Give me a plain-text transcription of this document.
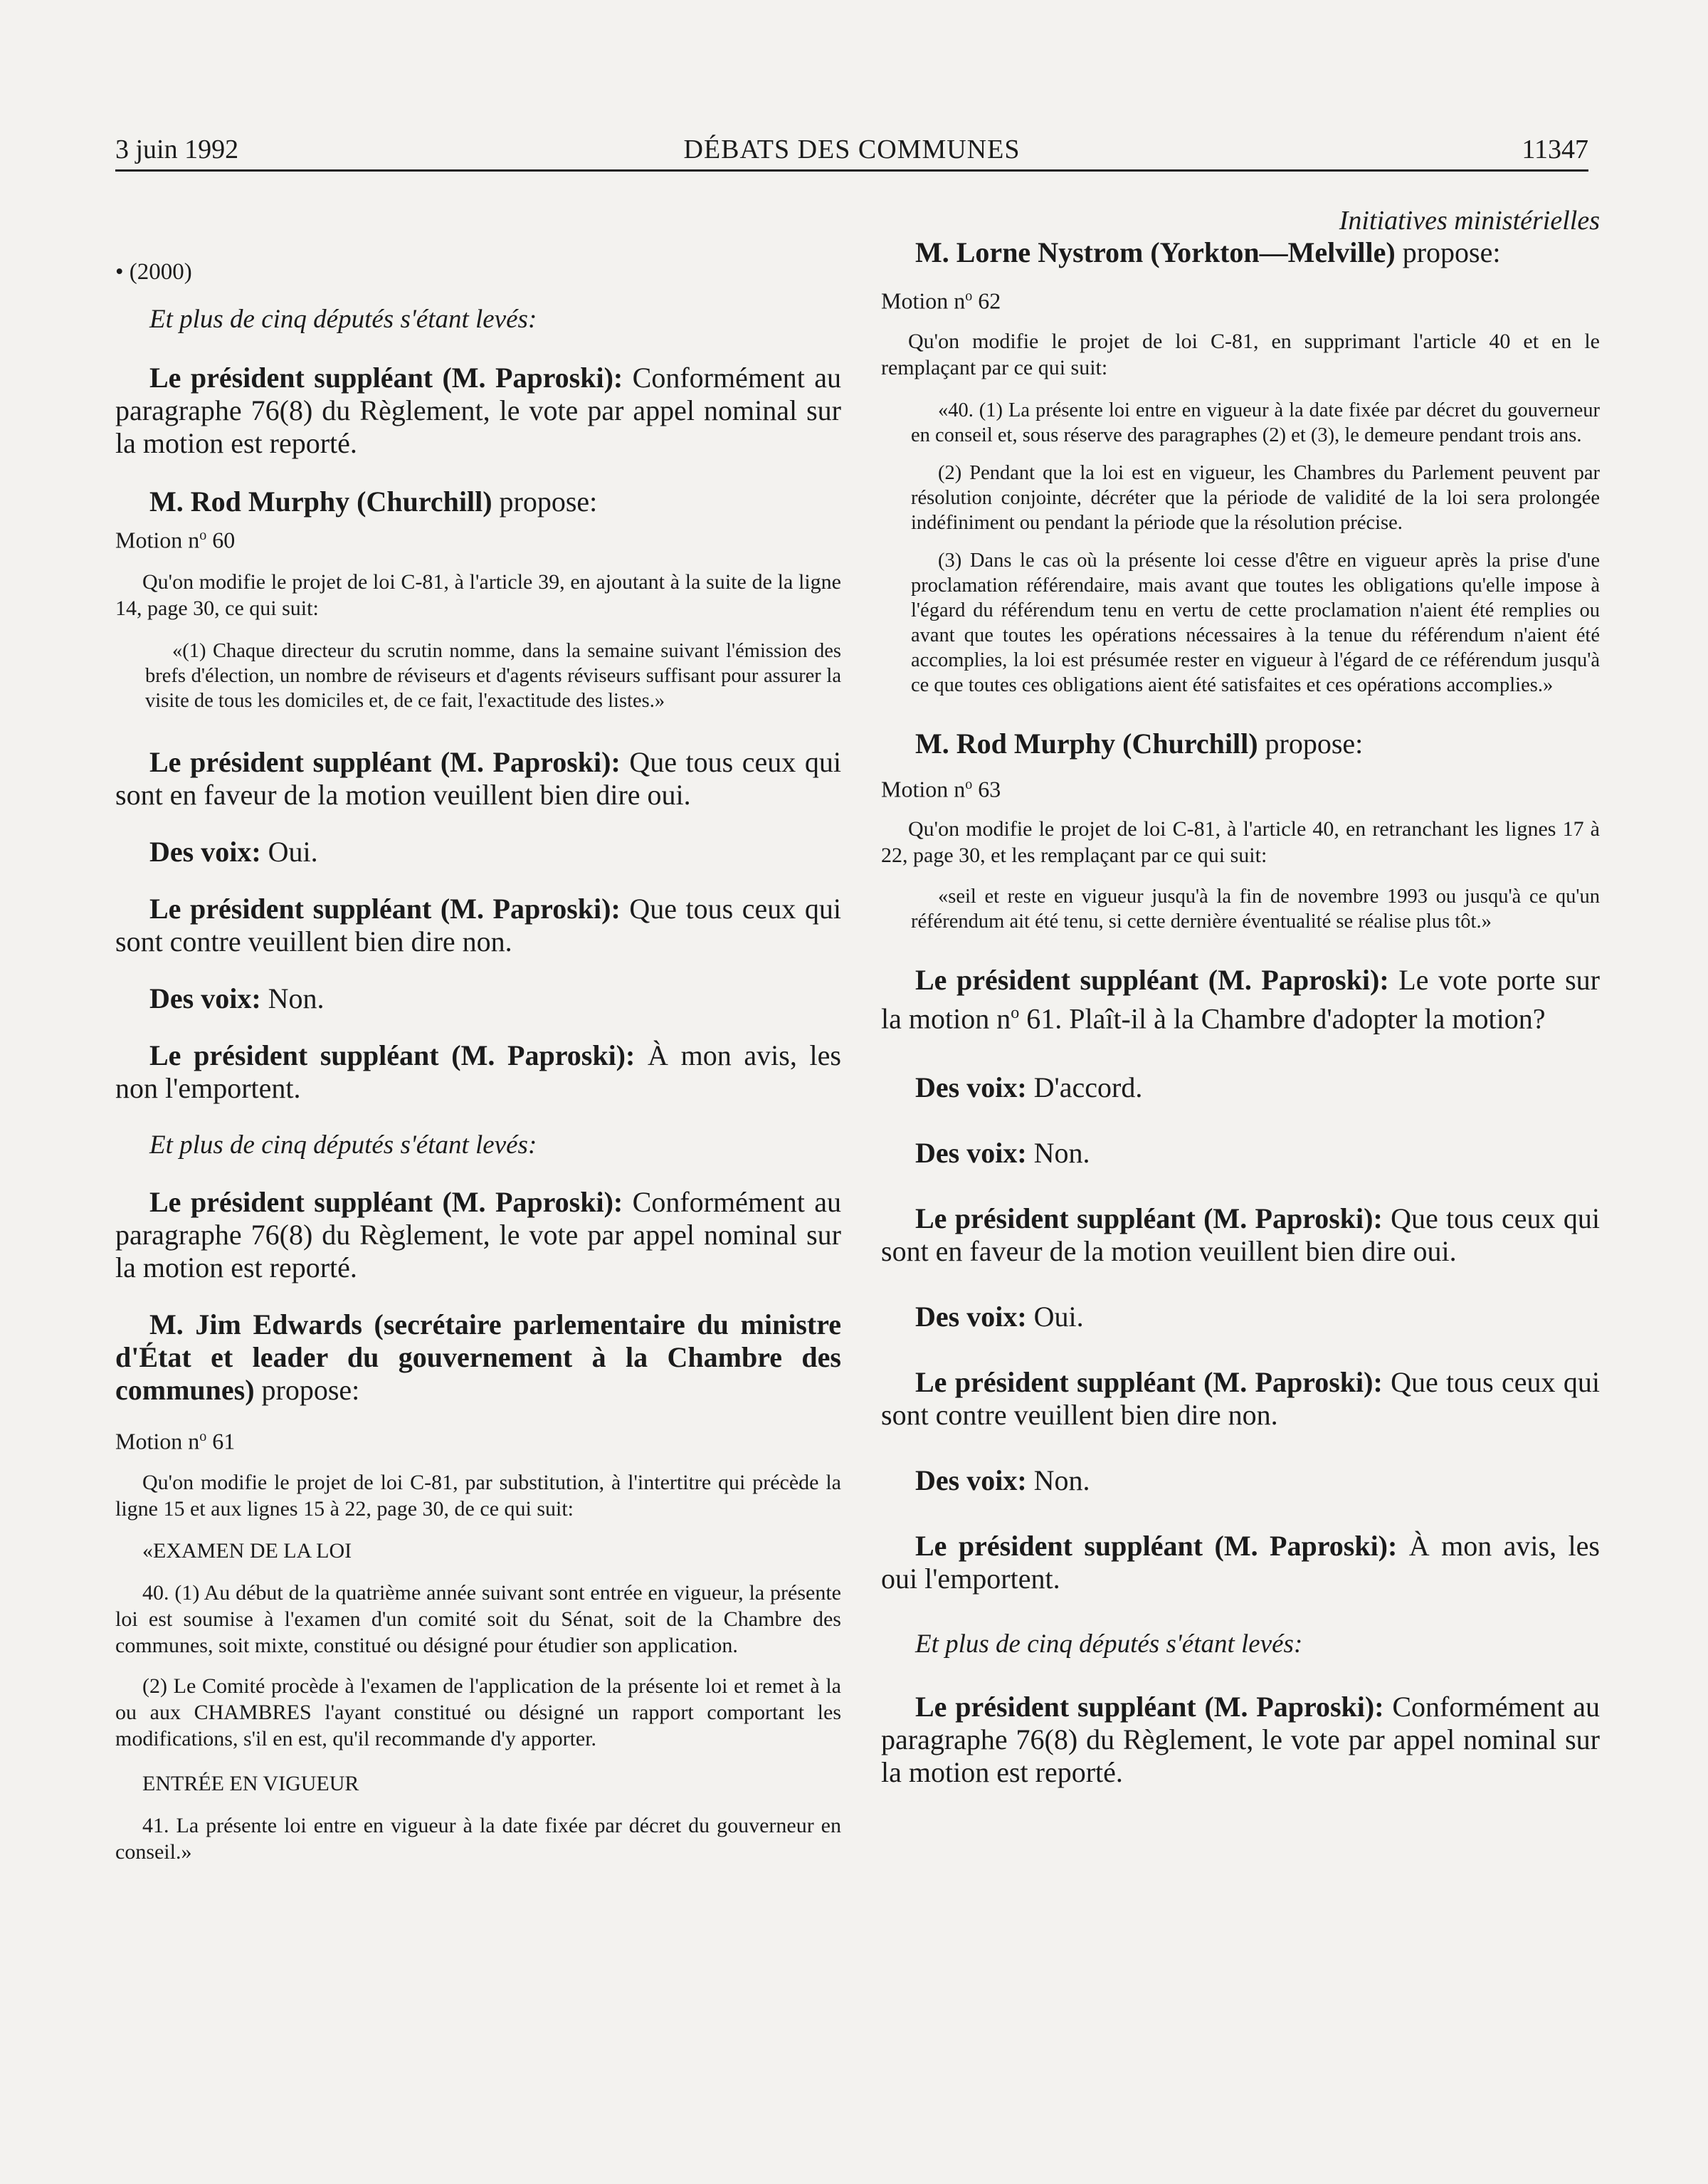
3 juin 1992	DÉBATS DES COMMUNES	11347

• (2000)

Et plus de cinq députés s'étant levés:

Le président suppléant (M. Paproski): Conformément au paragraphe 76(8) du Règlement, le vote par appel nominal sur la motion est reporté.

M. Rod Murphy (Churchill) propose:

Motion $n^o$ 60

Qu'on modifie le projet de loi C-81, à l'article 39, en ajoutant à la suite de la ligne 14, page 30, ce qui suit:

«(1) Chaque directeur du scrutin nomme, dans la semaine suivant l'émission des brefs d'élection, un nombre de réviseurs et d'agents réviseurs suffisant pour assurer la visite de tous les domiciles et, de ce fait, l'exactitude des listes.»

Le président suppléant (M. Paproski): Que tous ceux qui sont en faveur de la motion veuillent bien dire oui.

Des voix: Oui.

Le président suppléant (M. Paproski): Que tous ceux qui sont contre veuillent bien dire non.

Des voix: Non.

Le président suppléant (M. Paproski): À mon avis, les non l'emportent.

Et plus de cinq députés s'étant levés:

Le président suppléant (M. Paproski): Conformément au paragraphe 76(8) du Règlement, le vote par appel nominal sur la motion est reporté.

M. Jim Edwards (secrétaire parlementaire du ministre d'État et leader du gouvernement à la Chambre des communes) propose:

Motion $n^o$ 61

Qu'on modifie le projet de loi C-81, par substitution, à l'intertitre qui précède la ligne 15 et aux lignes 15 à 22, page 30, de ce qui suit:

«EXAMEN DE LA LOI

40. (1) Au début de la quatrième année suivant sont entrée en vigueur, la présente loi est soumise à l'examen d'un comité soit du Sénat, soit de la Chambre des communes, soit mixte, constitué ou désigné pour étudier son application.

(2) Le Comité procède à l'examen de l'application de la présente loi et remet à la ou aux CHAMBRES l'ayant constitué ou désigné un rapport comportant les modifications, s'il en est, qu'il recommande d'y apporter.

ENTRÉE EN VIGUEUR

41. La présente loi entre en vigueur à la date fixée par décret du gouverneur en conseil.»

Initiatives ministérielles

M. Lorne Nystrom (Yorkton—Melville) propose:

Motion $n^o$ 62

Qu'on modifie le projet de loi C-81, en supprimant l'article 40 et en le remplaçant par ce qui suit:

«40. (1) La présente loi entre en vigueur à la date fixée par décret du gouverneur en conseil et, sous réserve des paragraphes (2) et (3), le demeure pendant trois ans.

(2) Pendant que la loi est en vigueur, les Chambres du Parlement peuvent par résolution conjointe, décréter que la période de validité de la loi sera prolongée indéfiniment ou pendant la période que la résolution précise.

(3) Dans le cas où la présente loi cesse d'être en vigueur après la prise d'une proclamation référendaire, mais avant que toutes les obligations qu'elle impose à l'égard du référendum tenu en vertu de cette proclamation n'aient été remplies ou avant que toutes les opérations nécessaires à la tenue du référendum n'aient été accomplies, la loi est présumée rester en vigueur à l'égard de ce référendum jusqu'à ce que toutes ces obligations aient été satisfaites et ces opérations accomplies.»

M. Rod Murphy (Churchill) propose:

Motion $n^o$ 63

Qu'on modifie le projet de loi C-81, à l'article 40, en retranchant les lignes 17 à 22, page 30, et les remplaçant par ce qui suit:

«seil et reste en vigueur jusqu'à la fin de novembre 1993 ou jusqu'à ce qu'un référendum ait été tenu, si cette dernière éventualité se réalise plus tôt.»

Le président suppléant (M. Paproski): Le vote porte sur la motion $n^o$ 61. Plaît-il à la Chambre d'adopter la motion?

Des voix: D'accord.

Des voix: Non.

Le président suppléant (M. Paproski): Que tous ceux qui sont en faveur de la motion veuillent bien dire oui.

Des voix: Oui.

Le président suppléant (M. Paproski): Que tous ceux qui sont contre veuillent bien dire non.

Des voix: Non.

Le président suppléant (M. Paproski): À mon avis, les oui l'emportent.

Et plus de cinq députés s'étant levés:

Le président suppléant (M. Paproski): Conformément au paragraphe 76(8) du Règlement, le vote par appel nominal sur la motion est reporté.
